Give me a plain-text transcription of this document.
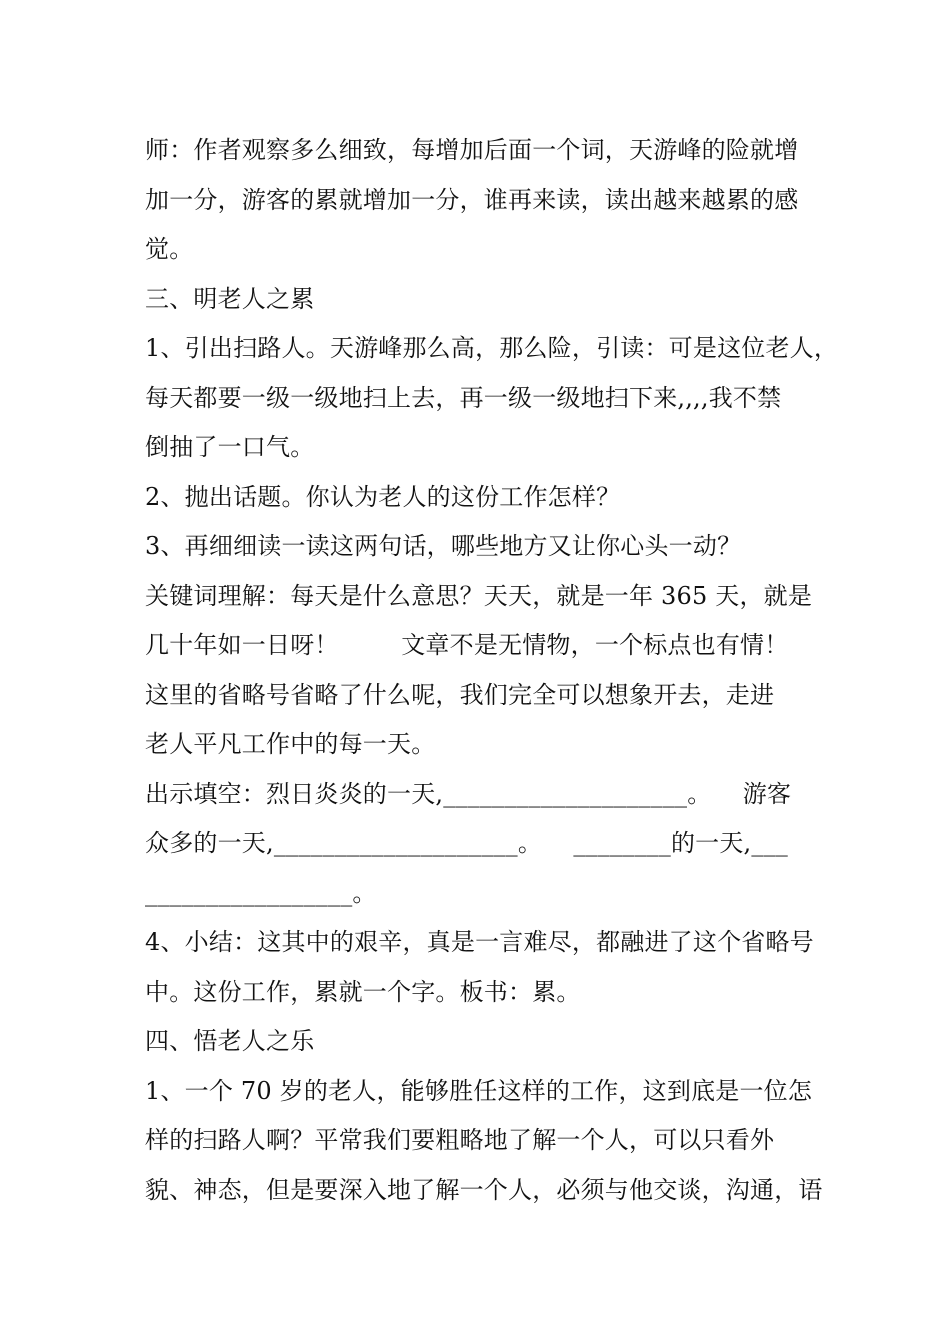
师：作者观察多么细致，每增加后面一个词，天游峰的险就增
加一分，游客的累就增加一分，谁再来读，读出越来越累的感
觉。
三、明老人之累
1、引出扫路人。天游峰那么高，那么险，引读：可是这位老人，
每天都要一级一级地扫上去，再一级一级地扫下来,,,,我不禁
倒抽了一口气。
2、抛出话题。你认为老人的这份工作怎样？
3、再细细读一读这两句话，哪些地方又让你心头一动？
关键词理解：每天是什么意思？天天，就是一年 365 天，就是
几十年如一日呀！        文章不是无情物，一个标点也有情！
这里的省略号省略了什么呢，我们完全可以想象开去，走进
老人平凡工作中的每一天。
出示填空：烈日炎炎的一天,____________________。    游客
众多的一天,____________________。    ________的一天,___
_________________。
4、小结：这其中的艰辛，真是一言难尽，都融进了这个省略号
中。这份工作，累就一个字。板书：累。
四、悟老人之乐
1、一个 70 岁的老人，能够胜任这样的工作，这到底是一位怎
样的扫路人啊？平常我们要粗略地了解一个人，可以只看外
貌、神态，但是要深入地了解一个人，必须与他交谈，沟通，语
